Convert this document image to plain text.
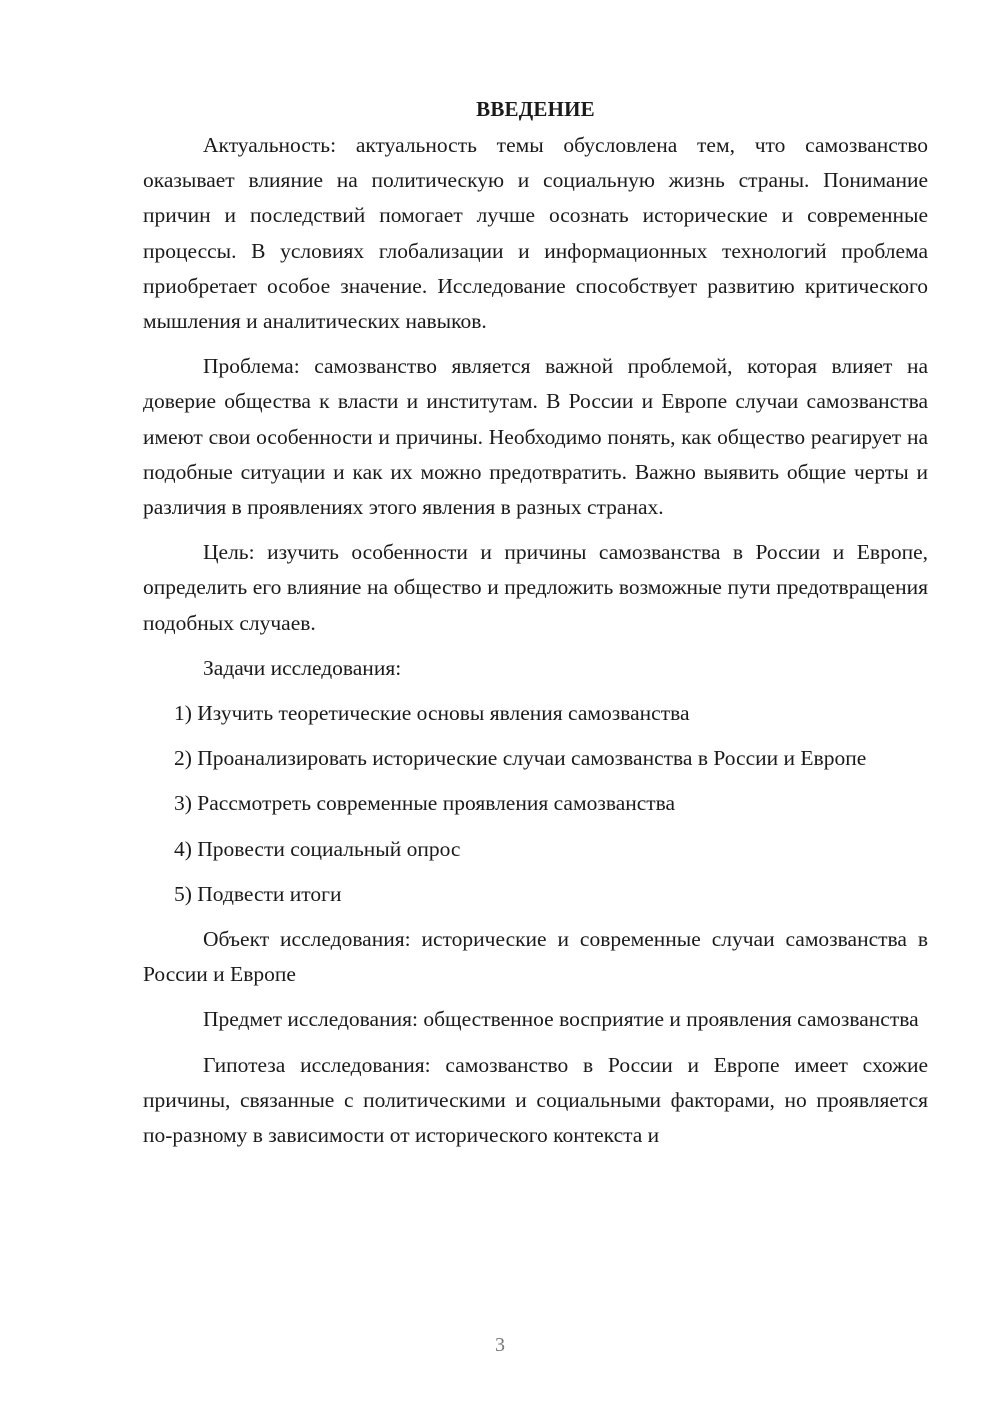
ВВЕДЕНИЕ

Актуальность: актуальность темы обусловлена тем, что самозванство оказывает влияние на политическую и социальную жизнь страны. Понимание причин и последствий помогает лучше осознать исторические и современные процессы. В условиях глобализации и информационных технологий проблема приобретает особое значение. Исследование способствует развитию критического мышления и аналитических навыков.

Проблема: самозванство является важной проблемой, которая влияет на доверие общества к власти и институтам. В России и Европе случаи самозванства имеют свои особенности и причины. Необходимо понять, как общество реагирует на подобные ситуации и как их можно предотвратить. Важно выявить общие черты и различия в проявлениях этого явления в разных странах.

Цель: изучить особенности и причины самозванства в России и Европе, определить его влияние на общество и предложить возможные пути предотвращения подобных случаев.

Задачи исследования:

1) Изучить теоретические основы явления самозванства

2) Проанализировать исторические случаи самозванства в России и Европе

3) Рассмотреть современные проявления самозванства

4) Провести социальный опрос

5) Подвести итоги

Объект исследования: исторические и современные случаи самозванства в России и Европе

Предмет исследования: общественное восприятие и проявления самозванства

Гипотеза исследования: самозванство в России и Европе имеет схожие причины, связанные с политическими и социальными факторами, но проявляется по-разному в зависимости от исторического контекста и

3
